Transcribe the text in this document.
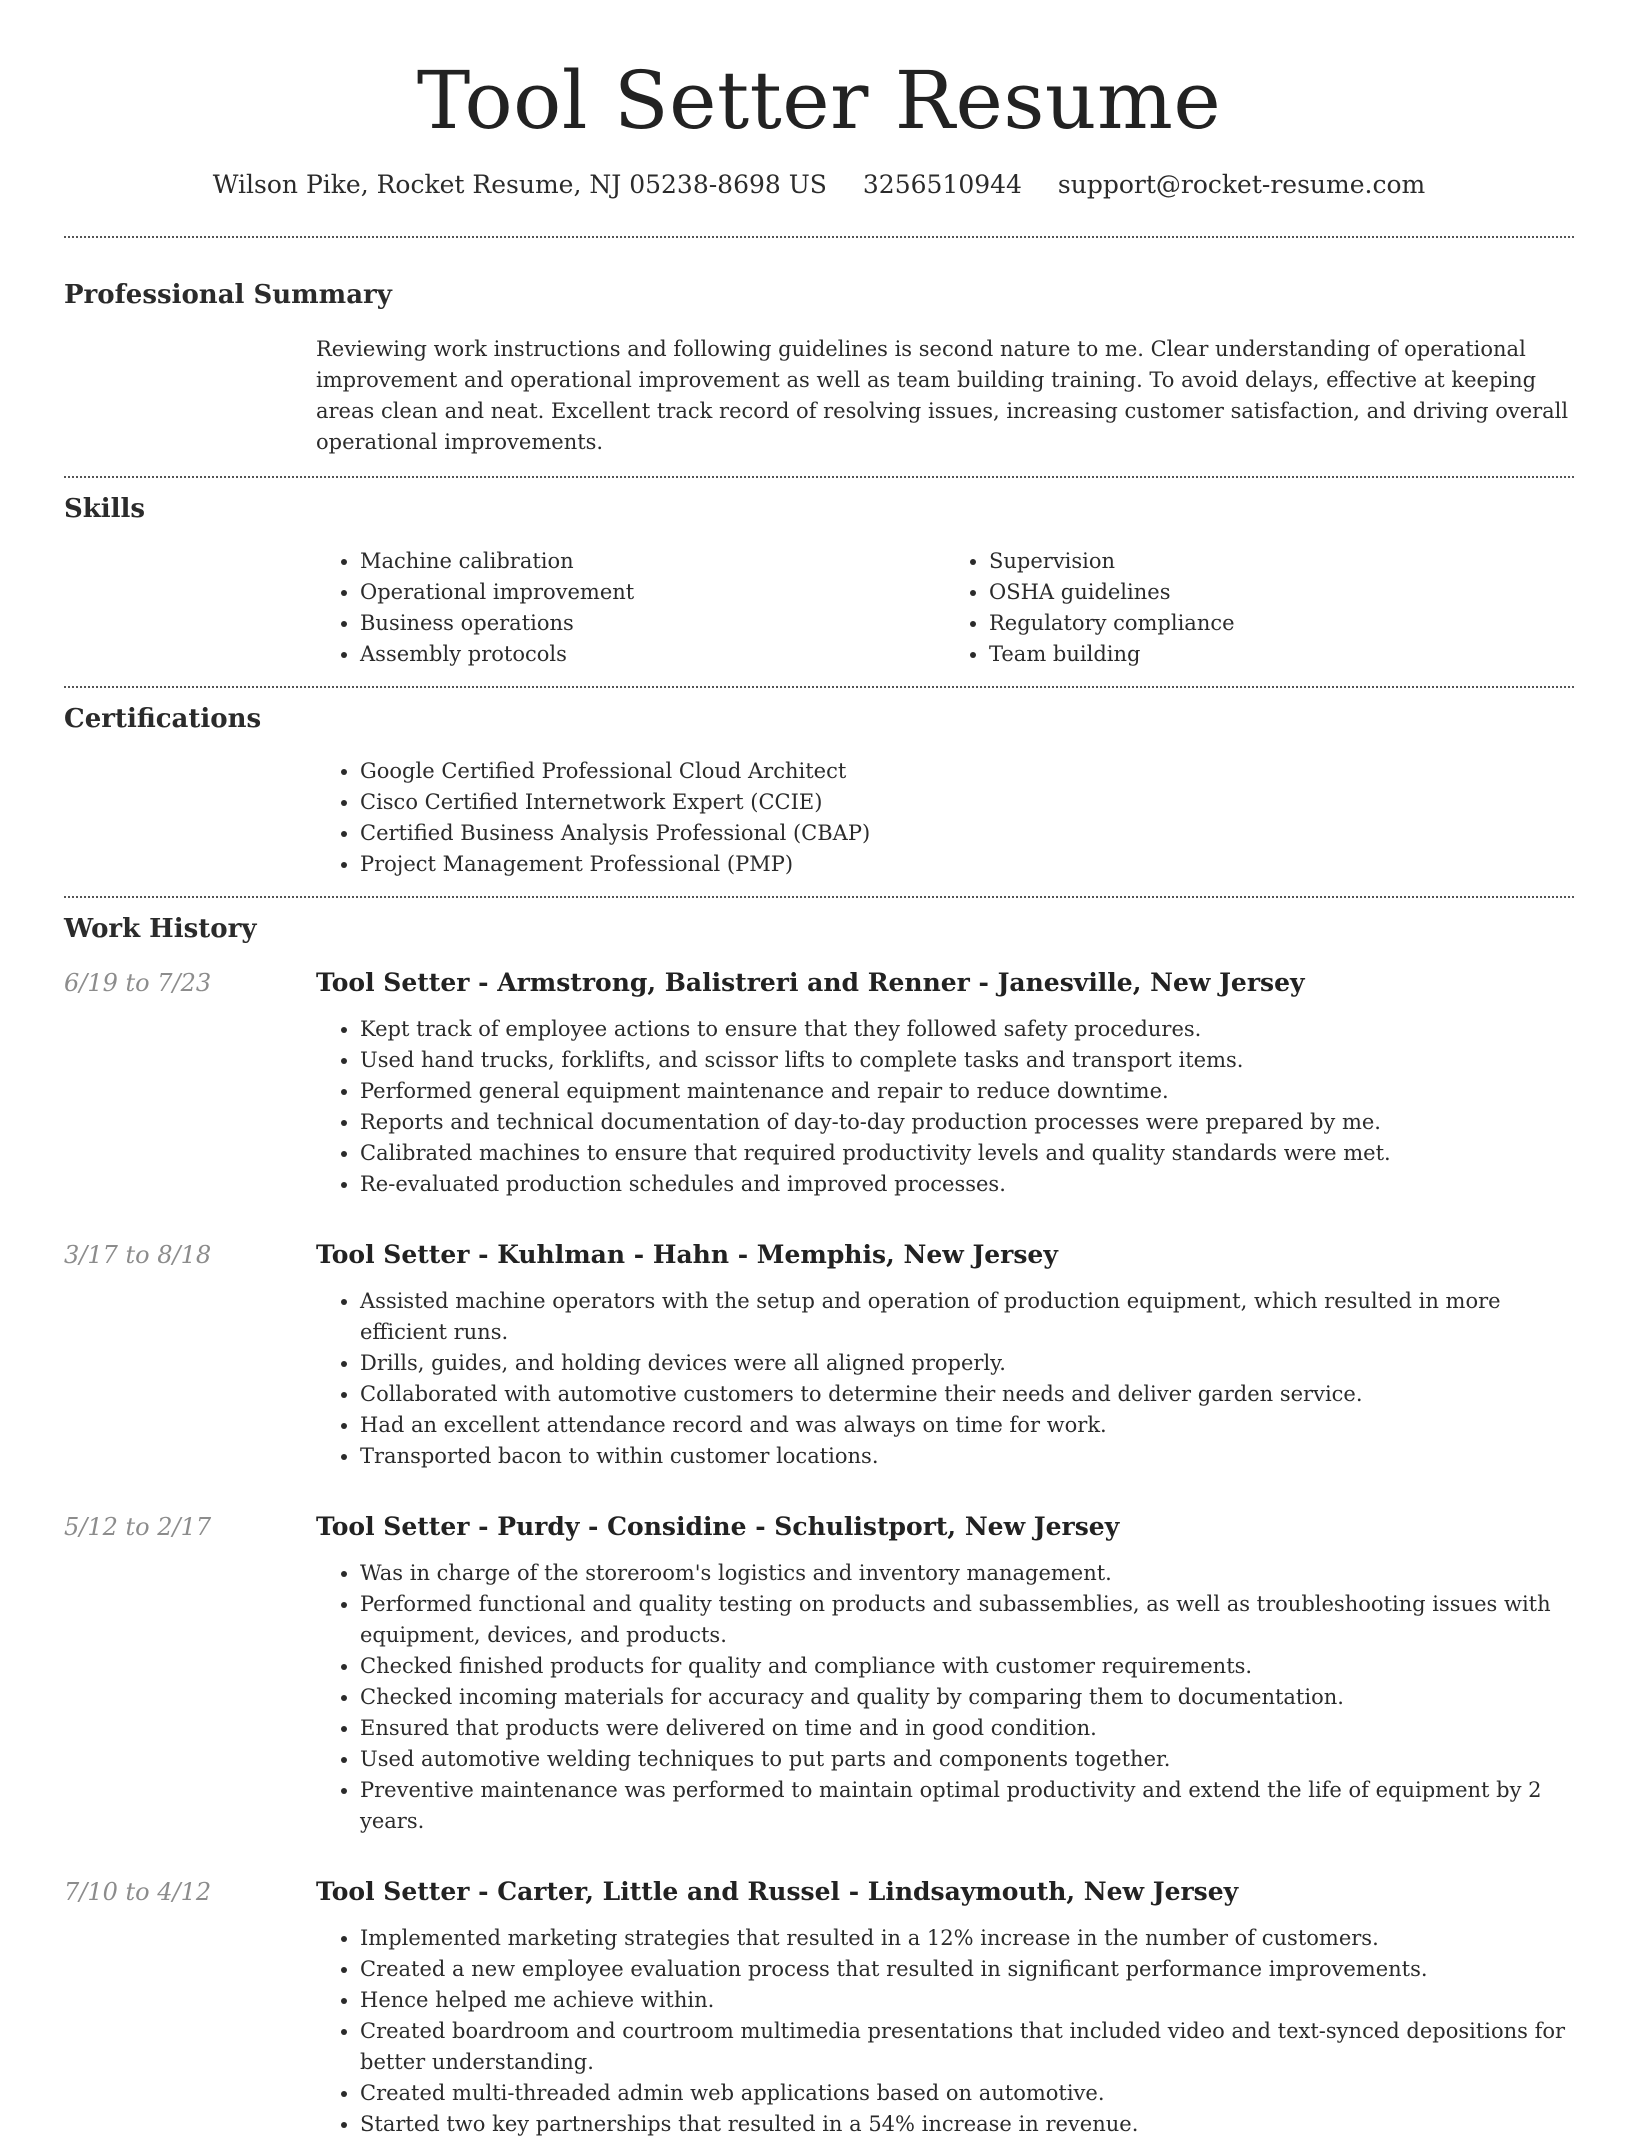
Tool Setter Resume
Wilson Pike, Rocket Resume, NJ 05238-8698 US 3256510944 support@rocket-resume.com
Professional Summary

Reviewing work instructions and following guidelines is second nature to me. Clear understanding of operational improvement and operational improvement as well as team building training. To avoid delays, effective at keeping areas clean and neat. Excellent track record of resolving issues, increasing customer satisfaction, and driving overall operational improvements.

Skills
• Machine calibration
• Operational improvement
• Business operations
• Assembly protocols
• Supervision
• OSHA guidelines
• Regulatory compliance
• Team building
Certifications
• Google Certified Professional Cloud Architect
• Cisco Certified Internetwork Expert (CCIE)
• Certified Business Analysis Professional (CBAP)
• Project Management Professional (PMP)
Work History
6/19 to 7/23	Tool Setter - Armstrong, Balistreri and Renner - Janesville, New Jersey
• Kept track of employee actions to ensure that they followed safety procedures.
• Used hand trucks, forklifts, and scissor lifts to complete tasks and transport items.
• Performed general equipment maintenance and repair to reduce downtime.
• Reports and technical documentation of day-to-day production processes were prepared by me.
• Calibrated machines to ensure that required productivity levels and quality standards were met.
• Re-evaluated production schedules and improved processes.
3/17 to 8/18	Tool Setter - Kuhlman - Hahn - Memphis, New Jersey
• Assisted machine operators with the setup and operation of production equipment, which resulted in more efficient runs.
• Drills, guides, and holding devices were all aligned properly.
• Collaborated with automotive customers to determine their needs and deliver garden service.
• Had an excellent attendance record and was always on time for work.
• Transported bacon to within customer locations.
5/12 to 2/17	Tool Setter - Purdy - Considine - Schulistport, New Jersey
• Was in charge of the storeroom's logistics and inventory management.
• Performed functional and quality testing on products and subassemblies, as well as troubleshooting issues with equipment, devices, and products.
• Checked finished products for quality and compliance with customer requirements.
• Checked incoming materials for accuracy and quality by comparing them to documentation.
• Ensured that products were delivered on time and in good condition.
• Used automotive welding techniques to put parts and components together.
• Preventive maintenance was performed to maintain optimal productivity and extend the life of equipment by 2 years.
7/10 to 4/12	Tool Setter - Carter, Little and Russel - Lindsaymouth, New Jersey
• Implemented marketing strategies that resulted in a 12% increase in the number of customers.
• Created a new employee evaluation process that resulted in significant performance improvements.
• Hence helped me achieve within.
• Created boardroom and courtroom multimedia presentations that included video and text-synced depositions for better understanding.
• Created multi-threaded admin web applications based on automotive.
• Started two key partnerships that resulted in a 54% increase in revenue.
